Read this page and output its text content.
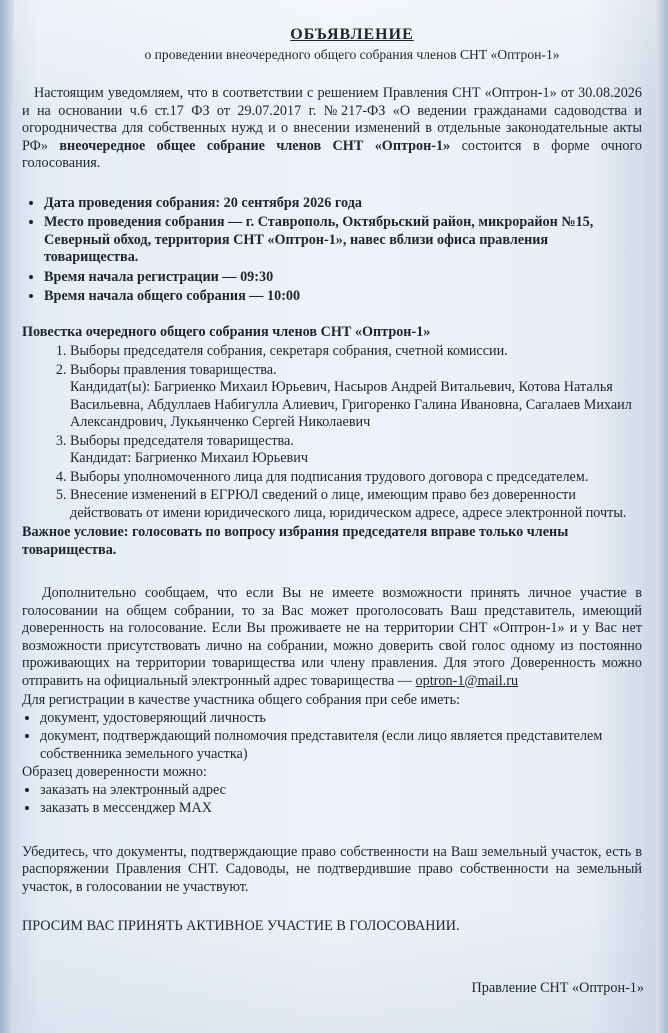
ОБЪЯВЛЕНИЕ
о проведении внеочередного общего собрания членов СНТ «Оптрон-1»
Настоящим уведомляем, что в соответствии с решением Правления СНТ «Оптрон-1» от 30.08.2026 и на основании ч.6 ст.17 ФЗ от 29.07.2017 г. №217-ФЗ «О ведении гражданами садоводства и огородничества для собственных нужд и о внесении изменений в отдельные законодательные акты РФ» внеочередное общее собрание членов СНТ «Оптрон-1» состоится в форме очного голосования.
• Дата проведения собрания: 20 сентября 2026 года
• Место проведения собрания — г. Ставрополь, Октябрьский район, микрорайон №15, Северный обход, территория СНТ «Оптрон-1», навес вблизи офиса правления товарищества.
• Время начала регистрации — 09:30
• Время начала общего собрания — 10:00
Повестка очередного общего собрания членов СНТ «Оптрон-1»
1. Выборы председателя собрания, секретаря собрания, счетной комиссии.
2. Выборы правления товарищества.
Кандидат(ы): Багриенко Михаил Юрьевич, Насыров Андрей Витальевич, Котова Наталья Васильевна, Абдуллаев Набигулла Алиевич, Григоренко Галина Ивановна, Сагалаев Михаил Александрович, Лукьянченко Сергей Николаевич
3. Выборы председателя товарищества.
Кандидат: Багриенко Михаил Юрьевич
4. Выборы уполномоченного лица для подписания трудового договора с председателем.
5. Внесение изменений в ЕГРЮЛ сведений о лице, имеющим право без доверенности действовать от имени юридического лица, юридическом адресе, адресе электронной почты.
Важное условие: голосовать по вопросу избрания председателя вправе только члены товарищества.
Дополнительно сообщаем, что если Вы не имеете возможности принять личное участие в голосовании на общем собрании, то за Вас может проголосовать Ваш представитель, имеющий доверенность на голосование. Если Вы проживаете не на территории СНТ «Оптрон-1» и у Вас нет возможности присутствовать лично на собрании, можно доверить свой голос одному из постоянно проживающих на территории товарищества или члену правления. Для этого Доверенность можно отправить на официальный электронный адрес товарищества — optron-1@mail.ru
Для регистрации в качестве участника общего собрания при себе иметь:
• документ, удостоверяющий личность
• документ, подтверждающий полномочия представителя (если лицо является представителем собственника земельного участка)
Образец доверенности можно:
• заказать на электронный адрес
• заказать в мессенджер MAX
Убедитесь, что документы, подтверждающие право собственности на Ваш земельный участок, есть в распоряжении Правления СНТ. Садоводы, не подтвердившие право собственности на земельный участок, в голосовании не участвуют.
ПРОСИМ ВАС ПРИНЯТЬ АКТИВНОЕ УЧАСТИЕ В ГОЛОСОВАНИИ.
Правление СНТ «Оптрон-1»
